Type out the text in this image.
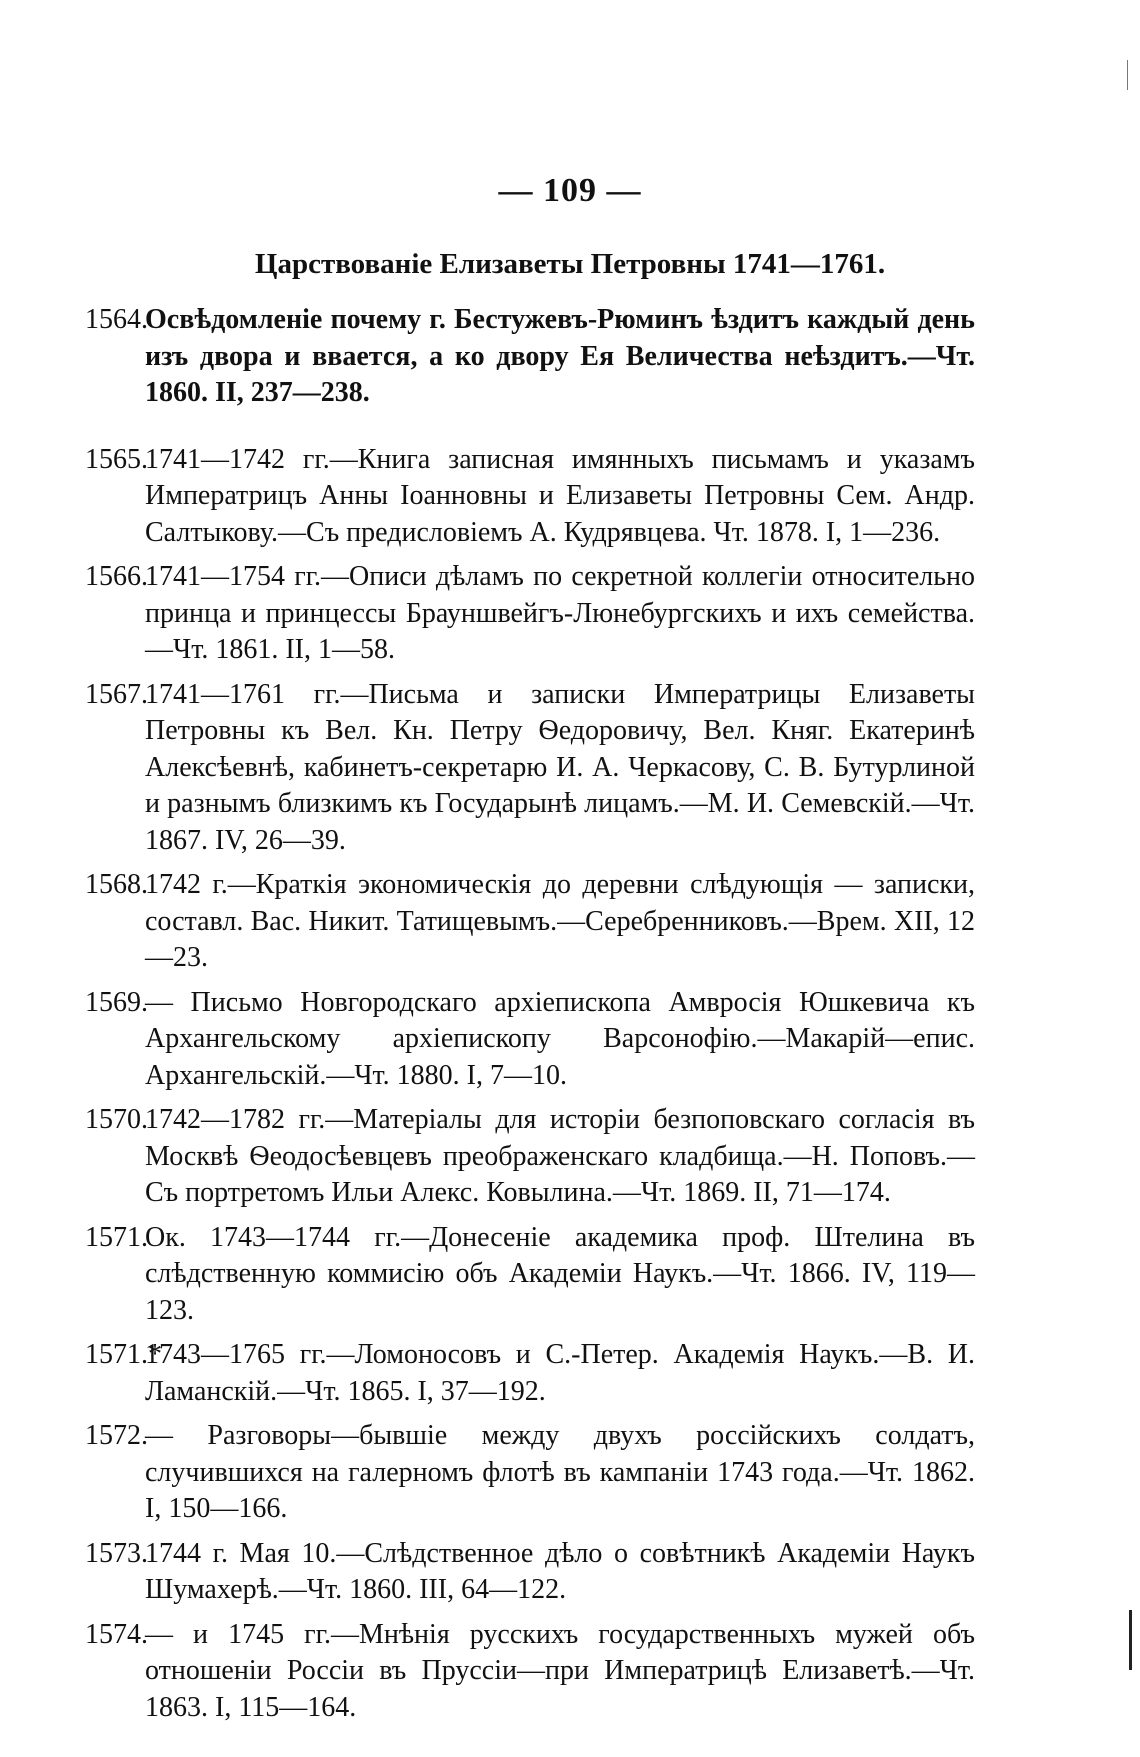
— 109 —
Царствованіе Елизаветы Петровны 1741—1761.
1564.
Освѣдомленіе почему г. Бестужевъ-Рюминъ ѣздитъ каждый день изъ двора и ввается, а ко двору Ея Величества неѣздитъ.—Чт. 1860. II, 237—238.
1565.
1741—1742 гг.—Книга записная имянныхъ письмамъ и указамъ Императрицъ Анны Іоанновны и Елизаветы Петровны Сем. Андр. Салтыкову.—Съ предисловіемъ А. Кудрявцева. Чт. 1878. I, 1—236.
1566.
1741—1754 гг.—Описи дѣламъ по секретной коллегіи относительно принца и принцессы Брауншвейгъ-Люнебургскихъ и ихъ семейства.—Чт. 1861. II, 1—58.
1567.
1741—1761 гг.—Письма и записки Императрицы Елизаветы Петровны къ Вел. Кн. Петру Ѳедоровичу, Вел. Княг. Екатеринѣ Алексѣевнѣ, кабинетъ-секретарю И. А. Черкасову, С. В. Бутурлиной и разнымъ близкимъ къ Государынѣ лицамъ.—М. И. Семевскій.—Чт. 1867. IV, 26—39.
1568.
1742 г.—Краткія экономическія до деревни слѣдующія — записки, составл. Вас. Никит. Татищевымъ.—Серебренниковъ.—Врем. XII, 12—23.
1569.
— Письмо Новгородскаго архіепископа Амвросія Юшкевича къ Архангельскому архіепископу Варсонофію.—Макарій—епис. Архангельскій.—Чт. 1880. I, 7—10.
1570.
1742—1782 гг.—Матеріалы для исторіи безпоповскаго согласія въ Москвѣ Ѳеодосѣевцевъ преображенскаго кладбища.—Н. Поповъ.—Съ портретомъ Ильи Алекс. Ковылина.—Чт. 1869. II, 71—174.
1571.
Ок. 1743—1744 гг.—Донесеніе академика проф. Штелина въ слѣдственную коммисію объ Академіи Наукъ.—Чт. 1866. IV, 119—123.
1571.*
1743—1765 гг.—Ломоносовъ и С.-Петер. Академія Наукъ.—В. И. Ламанскій.—Чт. 1865. I, 37—192.
1572.
— Разговоры—бывшіе между двухъ россійскихъ солдатъ, случившихся на галерномъ флотѣ въ кампаніи 1743 года.—Чт. 1862. I, 150—166.
1573.
1744 г. Мая 10.—Слѣдственное дѣло о совѣтникѣ Академіи Наукъ Шумахерѣ.—Чт. 1860. III, 64—122.
1574.
— и 1745 гг.—Мнѣнія русскихъ государственныхъ мужей объ отношеніи Россіи въ Пруссіи—при Императрицѣ Елизаветѣ.—Чт. 1863. I, 115—164.
